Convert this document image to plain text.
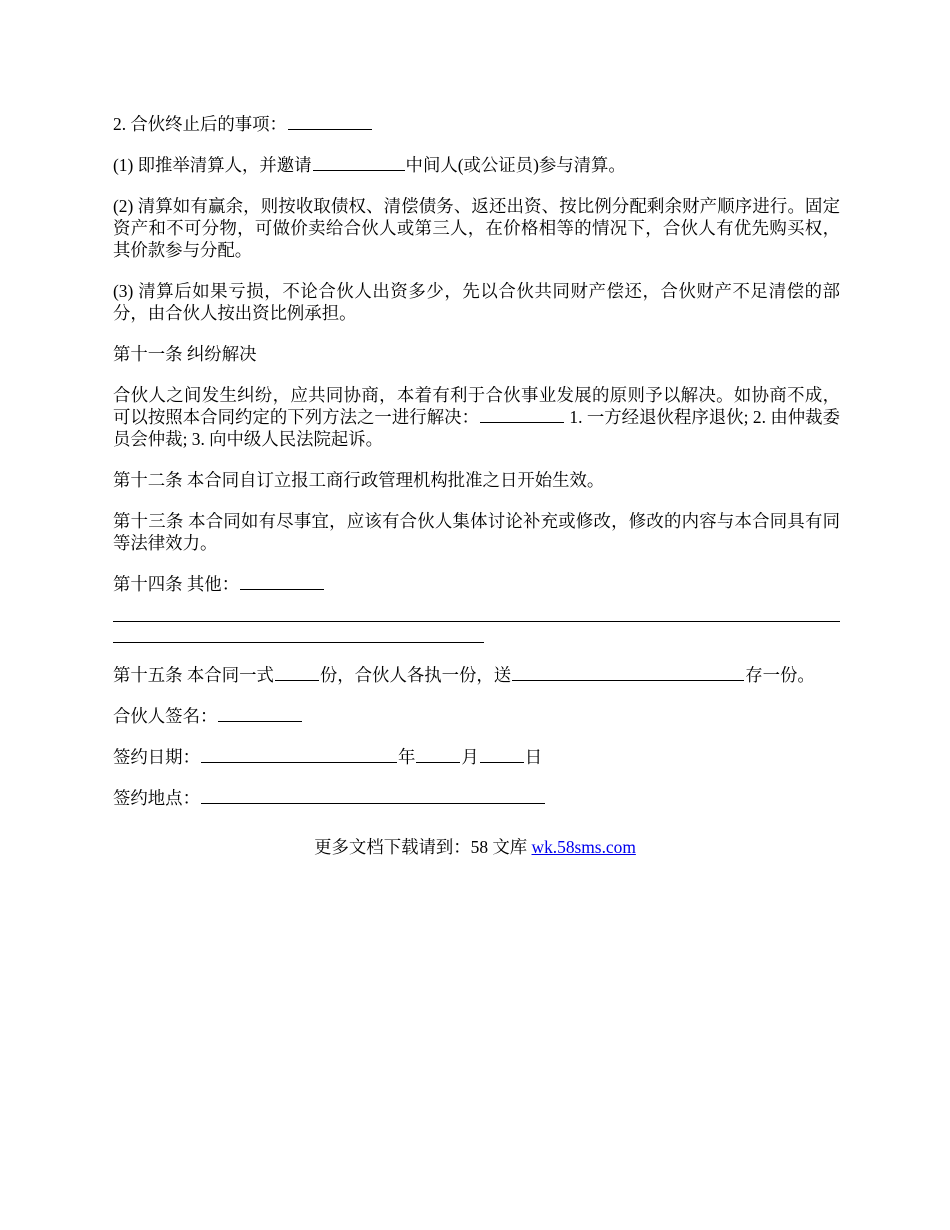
2. 合伙终止后的事项：

(1) 即推举清算人，并邀请	中间人(或公证员)参与清算。

(2) 清算如有赢余，则按收取债权、清偿债务、返还出资、按比例分配剩余财产顺序进行。固定资产和不可分物，可做价卖给合伙人或第三人，在价格相等的情况下，合伙人有优先购买权，其价款参与分配。

(3) 清算后如果亏损，不论合伙人出资多少，先以合伙共同财产偿还，合伙财产不足清偿的部分，由合伙人按出资比例承担。

第十一条 纠纷解决

合伙人之间发生纠纷，应共同协商，本着有利于合伙事业发展的原则予以解决。如协商不成，可以按照本合同约定的下列方法之一进行解决：	1. 一方经退伙程序退伙; 2. 由仲裁委员会仲裁; 3. 向中级人民法院起诉。

第十二条 本合同自订立报工商行政管理机构批准之日开始生效。

第十三条 本合同如有尽事宜，应该有合伙人集体讨论补充或修改，修改的内容与本合同具有同等法律效力。

第十四条 其他：

第十五条 本合同一式	份，合伙人各执一份，送	存一份。

合伙人签名：

签约日期：	年	月	日

签约地点：

更多文档下载请到：58 文库 wk.58sms.com
